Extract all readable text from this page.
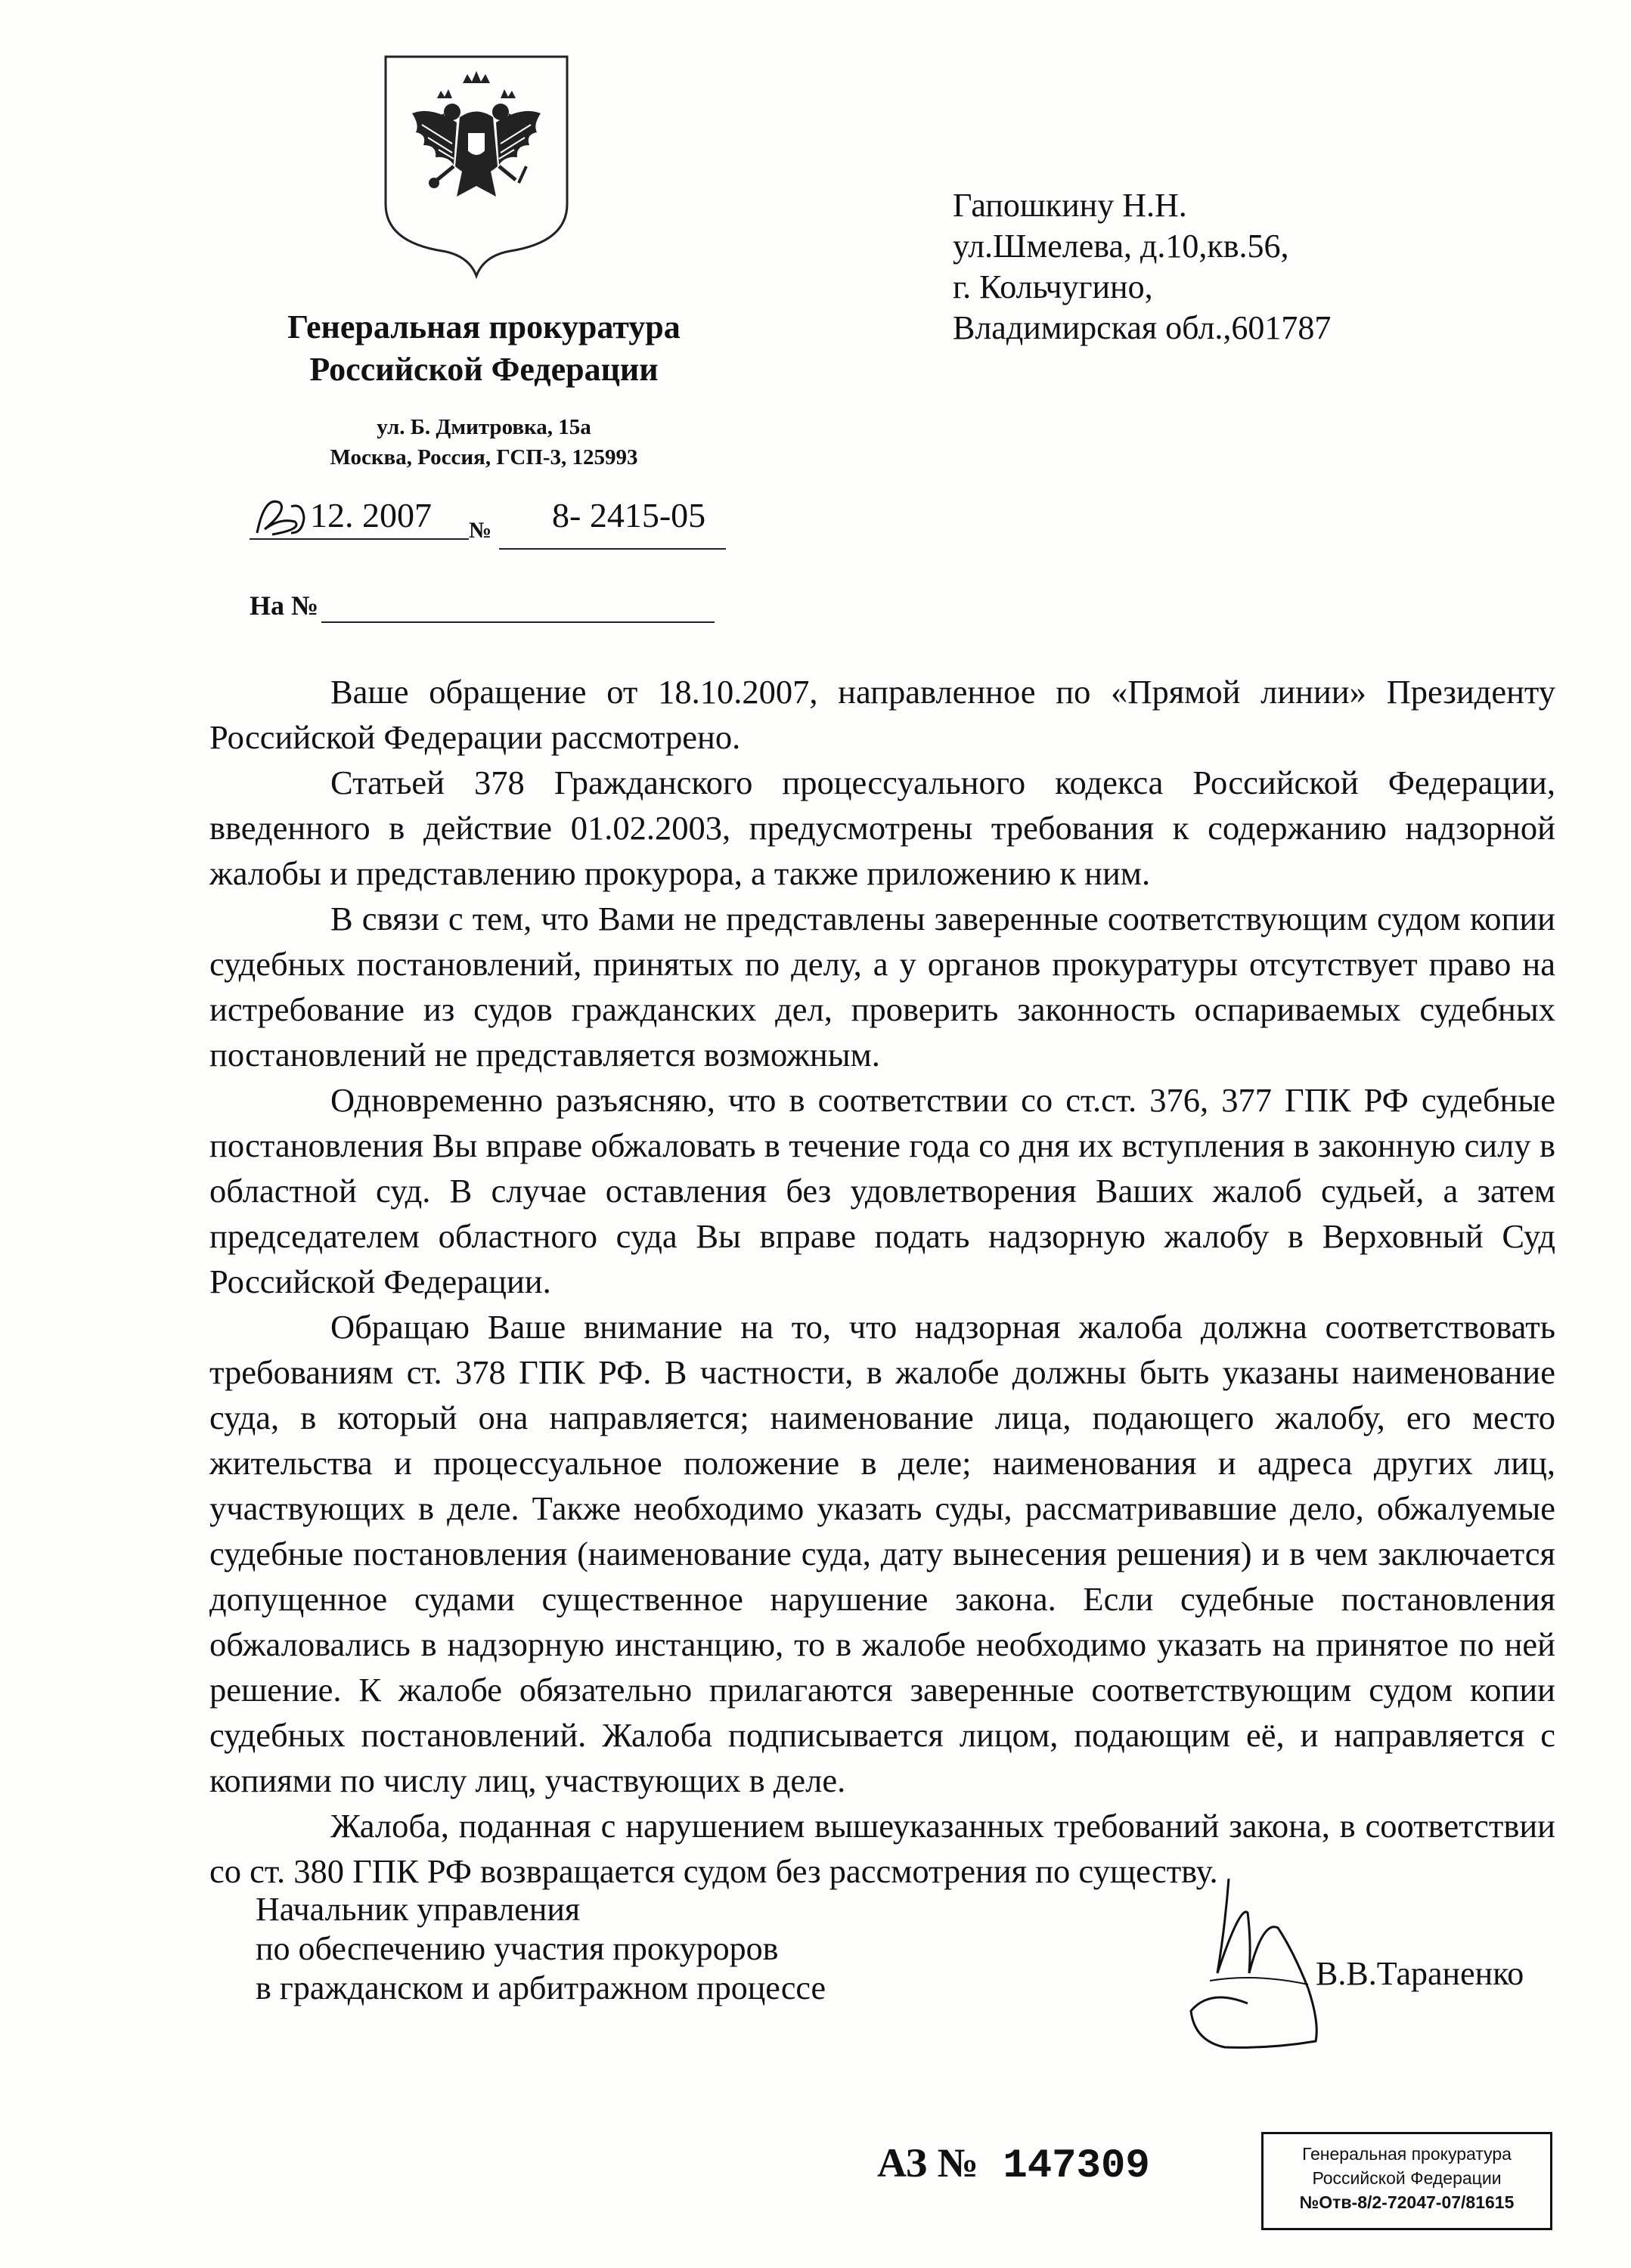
Генеральная прокуратура
Российской Федерации
ул. Б. Дмитровка, 15а
Москва, Россия, ГСП-3, 125993
12. 2007 № 8- 2415-05
На №
Гапошкину Н.Н.
ул.Шмелева, д.10,кв.56,
г. Кольчугино,
Владимирская обл.,601787

Ваше обращение от 18.10.2007, направленное по «Прямой линии» Президенту Российской Федерации рассмотрено.

Статьей 378 Гражданского процессуального кодекса Российской Федерации, введенного в действие 01.02.2003, предусмотрены требования к содержанию надзорной жалобы и представлению прокурора, а также приложению к ним.

В связи с тем, что Вами не представлены заверенные соответствующим судом копии судебных постановлений, принятых по делу, а у органов прокуратуры отсутствует право на истребование из судов гражданских дел, проверить законность оспариваемых судебных постановлений не представляется возможным.

Одновременно разъясняю, что в соответствии со ст.ст. 376, 377 ГПК РФ судебные постановления Вы вправе обжаловать в течение года со дня их вступления в законную силу в областной суд. В случае оставления без удовлетворения Ваших жалоб судьей, а затем председателем областного суда Вы вправе подать надзорную жалобу в Верховный Суд Российской Федерации.

Обращаю Ваше внимание на то, что надзорная жалоба должна соответствовать требованиям ст. 378 ГПК РФ. В частности, в жалобе должны быть указаны наименование суда, в который она направляется; наименование лица, подающего жалобу, его место жительства и процессуальное положение в деле; наименования и адреса других лиц, участвующих в деле. Также необходимо указать суды, рассматривавшие дело, обжалуемые судебные постановления (наименование суда, дату вынесения решения) и в чем заключается допущенное судами существенное нарушение закона. Если судебные постановления обжаловались в надзорную инстанцию, то в жалобе необходимо указать на принятое по ней решение. К жалобе обязательно прилагаются заверенные соответствующим судом копии судебных постановлений. Жалоба подписывается лицом, подающим её, и направляется с копиями по числу лиц, участвующих в деле.

Жалоба, поданная с нарушением вышеуказанных требований закона, в соответствии со ст. 380 ГПК РФ возвращается судом без рассмотрения по существу.

Начальник управления
по обеспечению участия прокуроров
в гражданском и арбитражном процессе	В.В.Тараненко
АЗ № 147309	Генеральная прокуратура
Российской Федерации
№Отв-8/2-72047-07/81615
